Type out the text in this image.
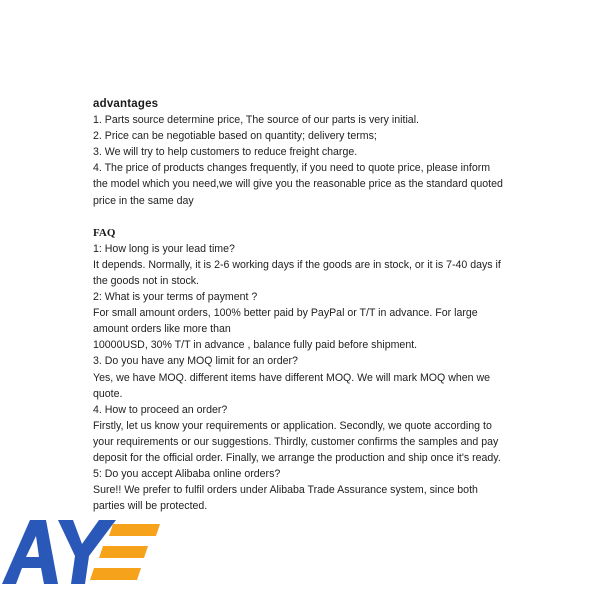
advantages
1. Parts source determine price, The source of our parts is very initial.
2. Price can be negotiable based on quantity; delivery terms;
3. We will try to help customers to reduce freight charge.
4. The price of products changes frequently, if you need to quote price, please inform
the model which you need,we will give you the reasonable price as the standard quoted
price in the same day
FAQ
1: How long is your lead time?
It depends. Normally, it is 2-6 working days if the goods are in stock, or it is 7-40 days if
the goods not in stock.
2: What is your terms of payment ?
For small amount orders, 100% better paid by PayPal or T/T in advance. For large
amount orders like more than
10000USD, 30% T/T in advance , balance fully paid before shipment.
3. Do you have any MOQ limit for an order?
Yes, we have MOQ. different items have different MOQ. We will mark MOQ when we
quote.
4. How to proceed an order?
Firstly, let us know your requirements or application. Secondly, we quote according to
your requirements or our suggestions. Thirdly, customer confirms the samples and pay
deposit for the official order. Finally, we arrange the production and ship once it's ready.
5: Do you accept Alibaba online orders?
Sure!! We prefer to fulfil orders under Alibaba Trade Assurance system, since both
parties will be protected.
